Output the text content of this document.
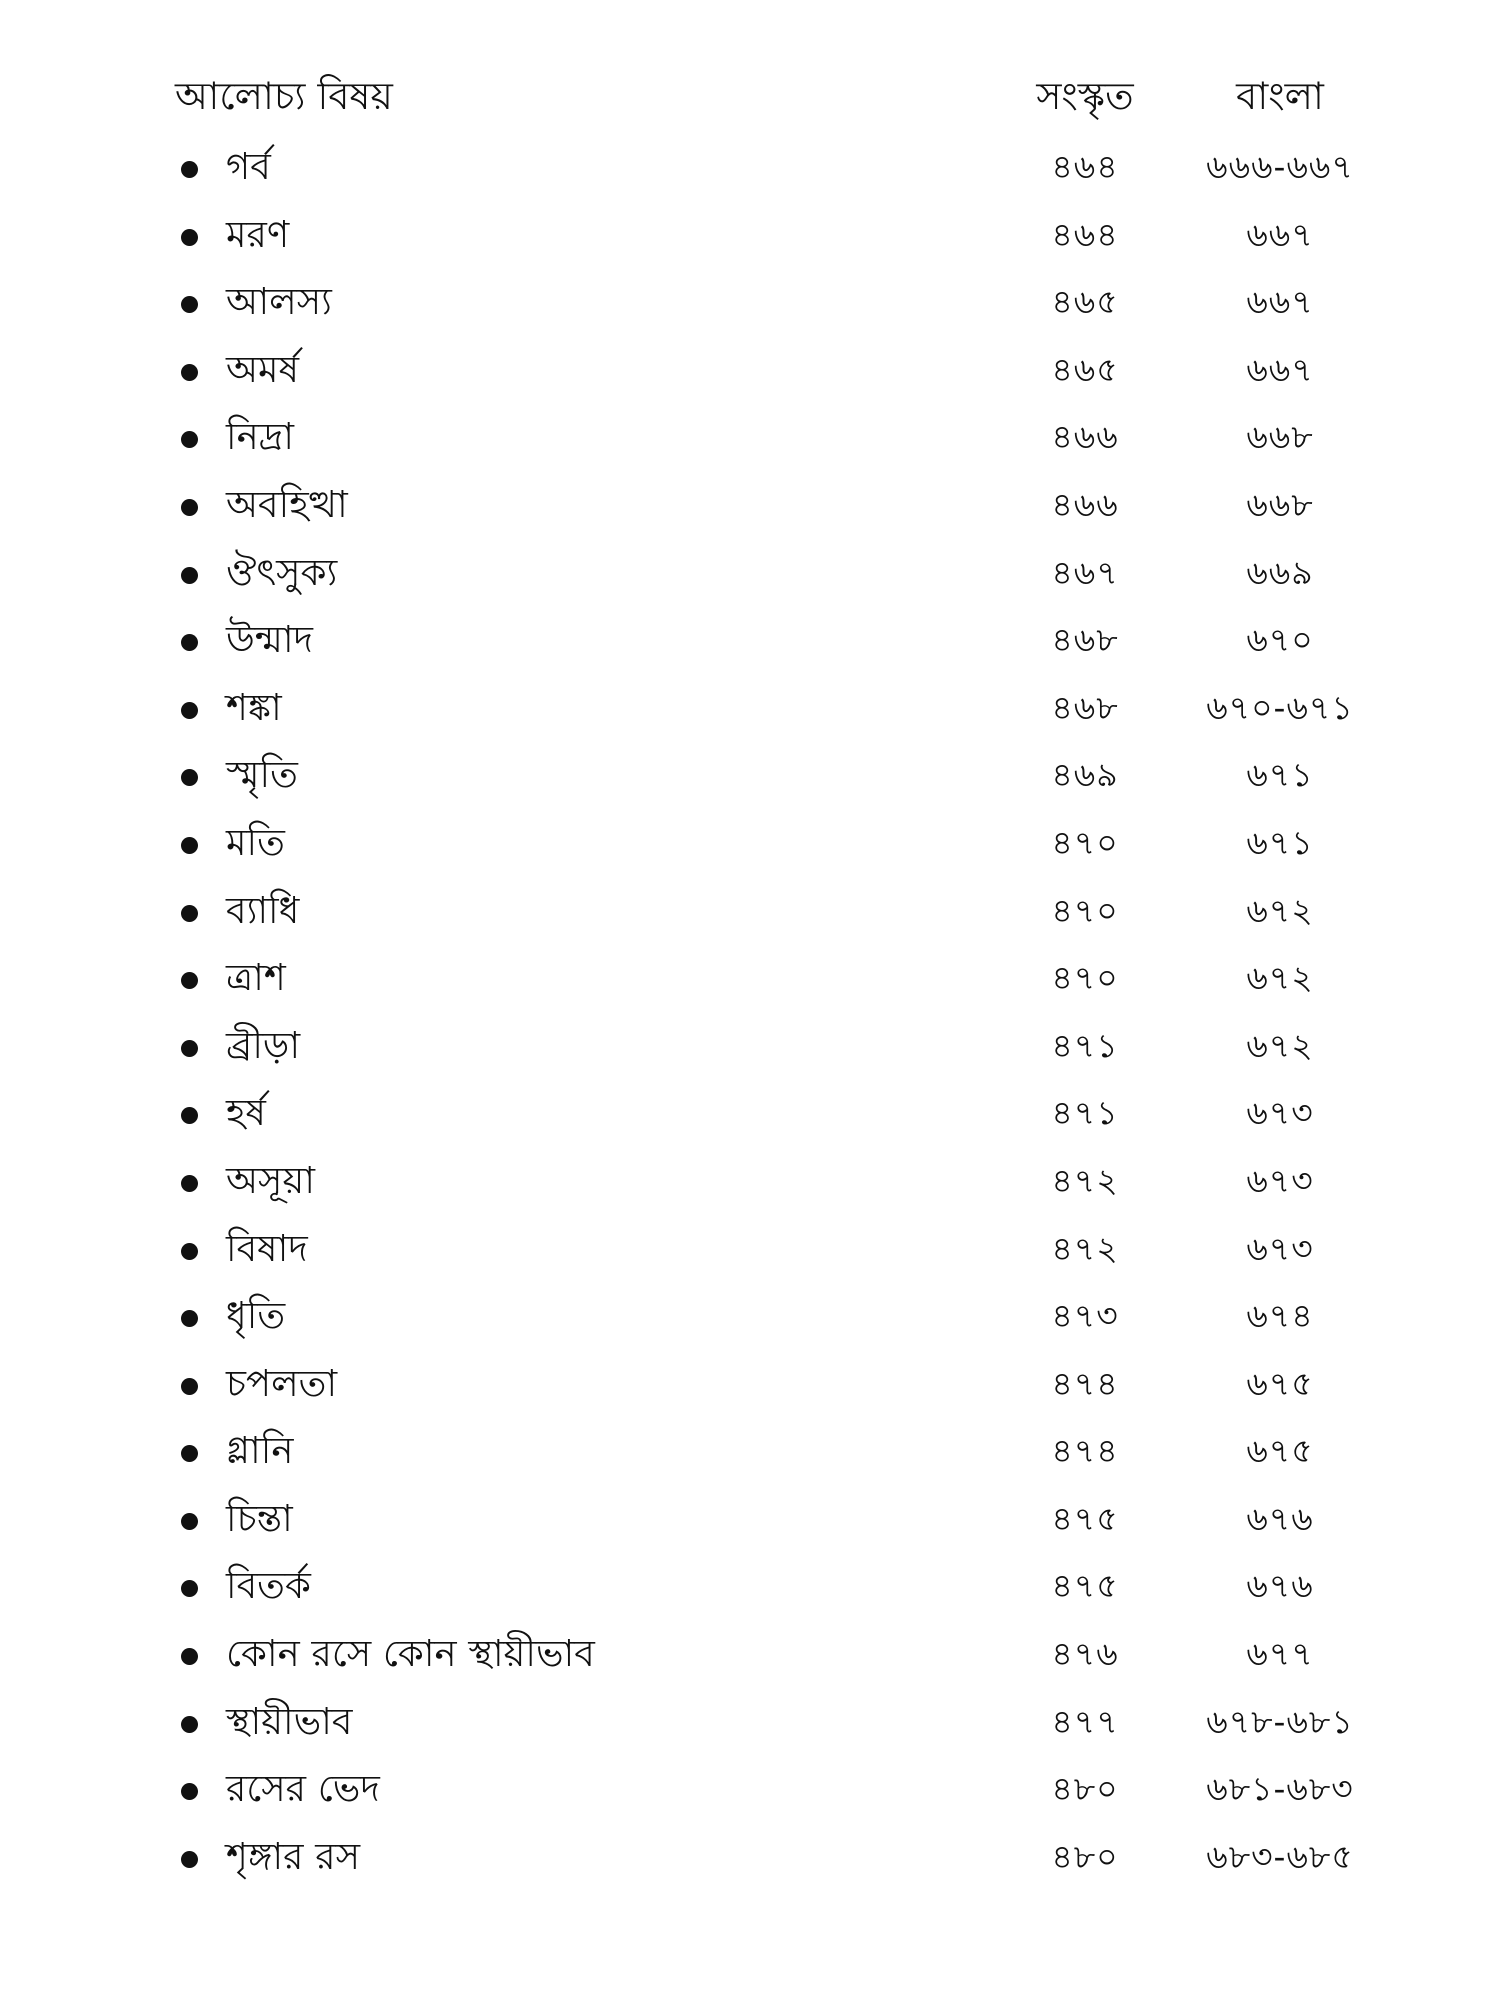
আলোচ্য বিষয়	সংস্কৃত	বাংলা
গর্ব	৪৬৪	৬৬৬-৬৬৭
মরণ	৪৬৪	৬৬৭
আলস্য	৪৬৫	৬৬৭
অমর্ষ	৪৬৫	৬৬৭
নিদ্রা	৪৬৬	৬৬৮
অবহিত্থা	৪৬৬	৬৬৮
ঔৎসুক্য	৪৬৭	৬৬৯
উন্মাদ	৪৬৮	৬৭০
শঙ্কা	৪৬৮	৬৭০-৬৭১
স্মৃতি	৪৬৯	৬৭১
মতি	৪৭০	৬৭১
ব্যাধি	৪৭০	৬৭২
ত্রাশ	৪৭০	৬৭২
ব্রীড়া	৪৭১	৬৭২
হর্ষ	৪৭১	৬৭৩
অসূয়া	৪৭২	৬৭৩
বিষাদ	৪৭২	৬৭৩
ধৃতি	৪৭৩	৬৭৪
চপলতা	৪৭৪	৬৭৫
গ্লানি	৪৭৪	৬৭৫
চিন্তা	৪৭৫	৬৭৬
বিতর্ক	৪৭৫	৬৭৬
কোন রসে কোন স্থায়ীভাব	৪৭৬	৬৭৭
স্থায়ীভাব	৪৭৭	৬৭৮-৬৮১
রসের ভেদ	৪৮০	৬৮১-৬৮৩
শৃঙ্গার রস	৪৮০	৬৮৩-৬৮৫
